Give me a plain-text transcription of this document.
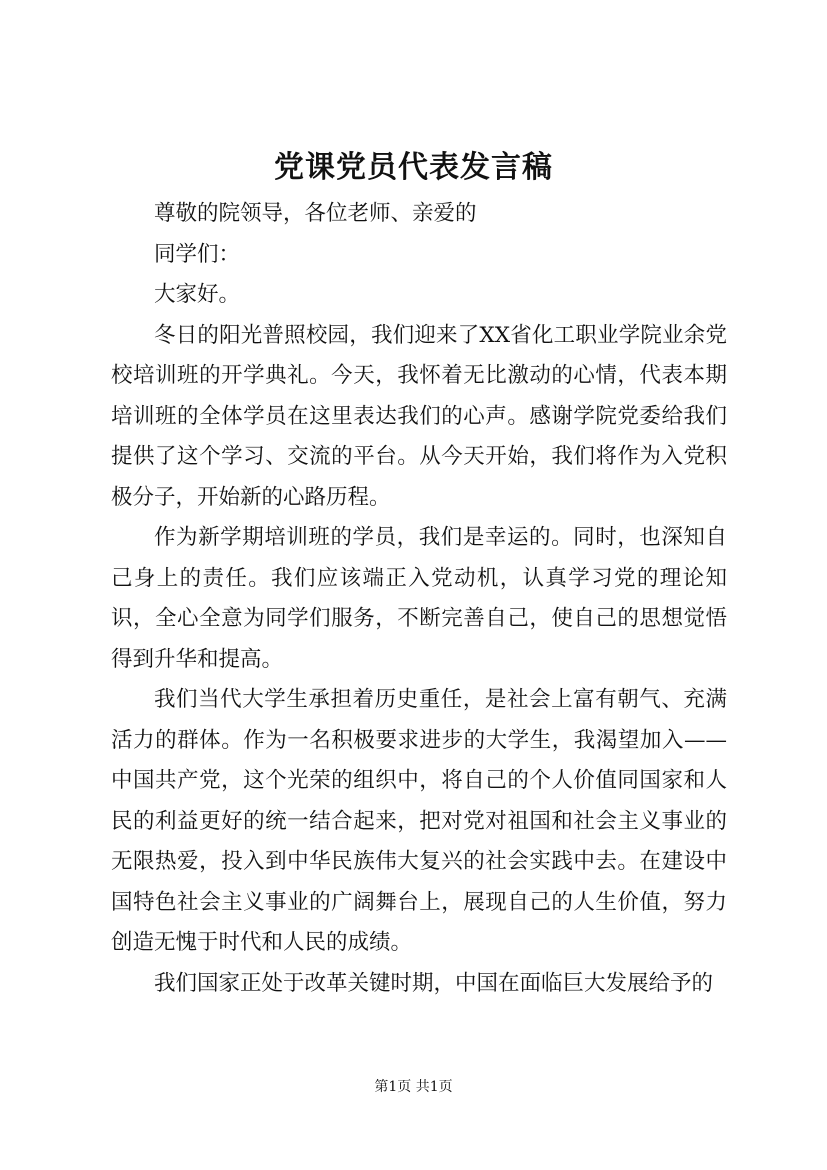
党课党员代表发言稿

尊敬的院领导，各位老师、亲爱的

同学们：

大家好。

冬日的阳光普照校园，我们迎来了XX省化工职业学院业余党校培训班的开学典礼。今天，我怀着无比激动的心情，代表本期培训班的全体学员在这里表达我们的心声。感谢学院党委给我们提供了这个学习、交流的平台。从今天开始，我们将作为入党积极分子，开始新的心路历程。

作为新学期培训班的学员，我们是幸运的。同时，也深知自己身上的责任。我们应该端正入党动机，认真学习党的理论知识，全心全意为同学们服务，不断完善自己，使自己的思想觉悟得到升华和提高。

我们当代大学生承担着历史重任，是社会上富有朝气、充满活力的群体。作为一名积极要求进步的大学生，我渴望加入——中国共产党，这个光荣的组织中，将自己的个人价值同国家和人民的利益更好的统一结合起来，把对党对祖国和社会主义事业的无限热爱，投入到中华民族伟大复兴的社会实践中去。在建设中国特色社会主义事业的广阔舞台上，展现自己的人生价值，努力创造无愧于时代和人民的成绩。

我们国家正处于改革关键时期，中国在面临巨大发展给予的

第1页 共1页
